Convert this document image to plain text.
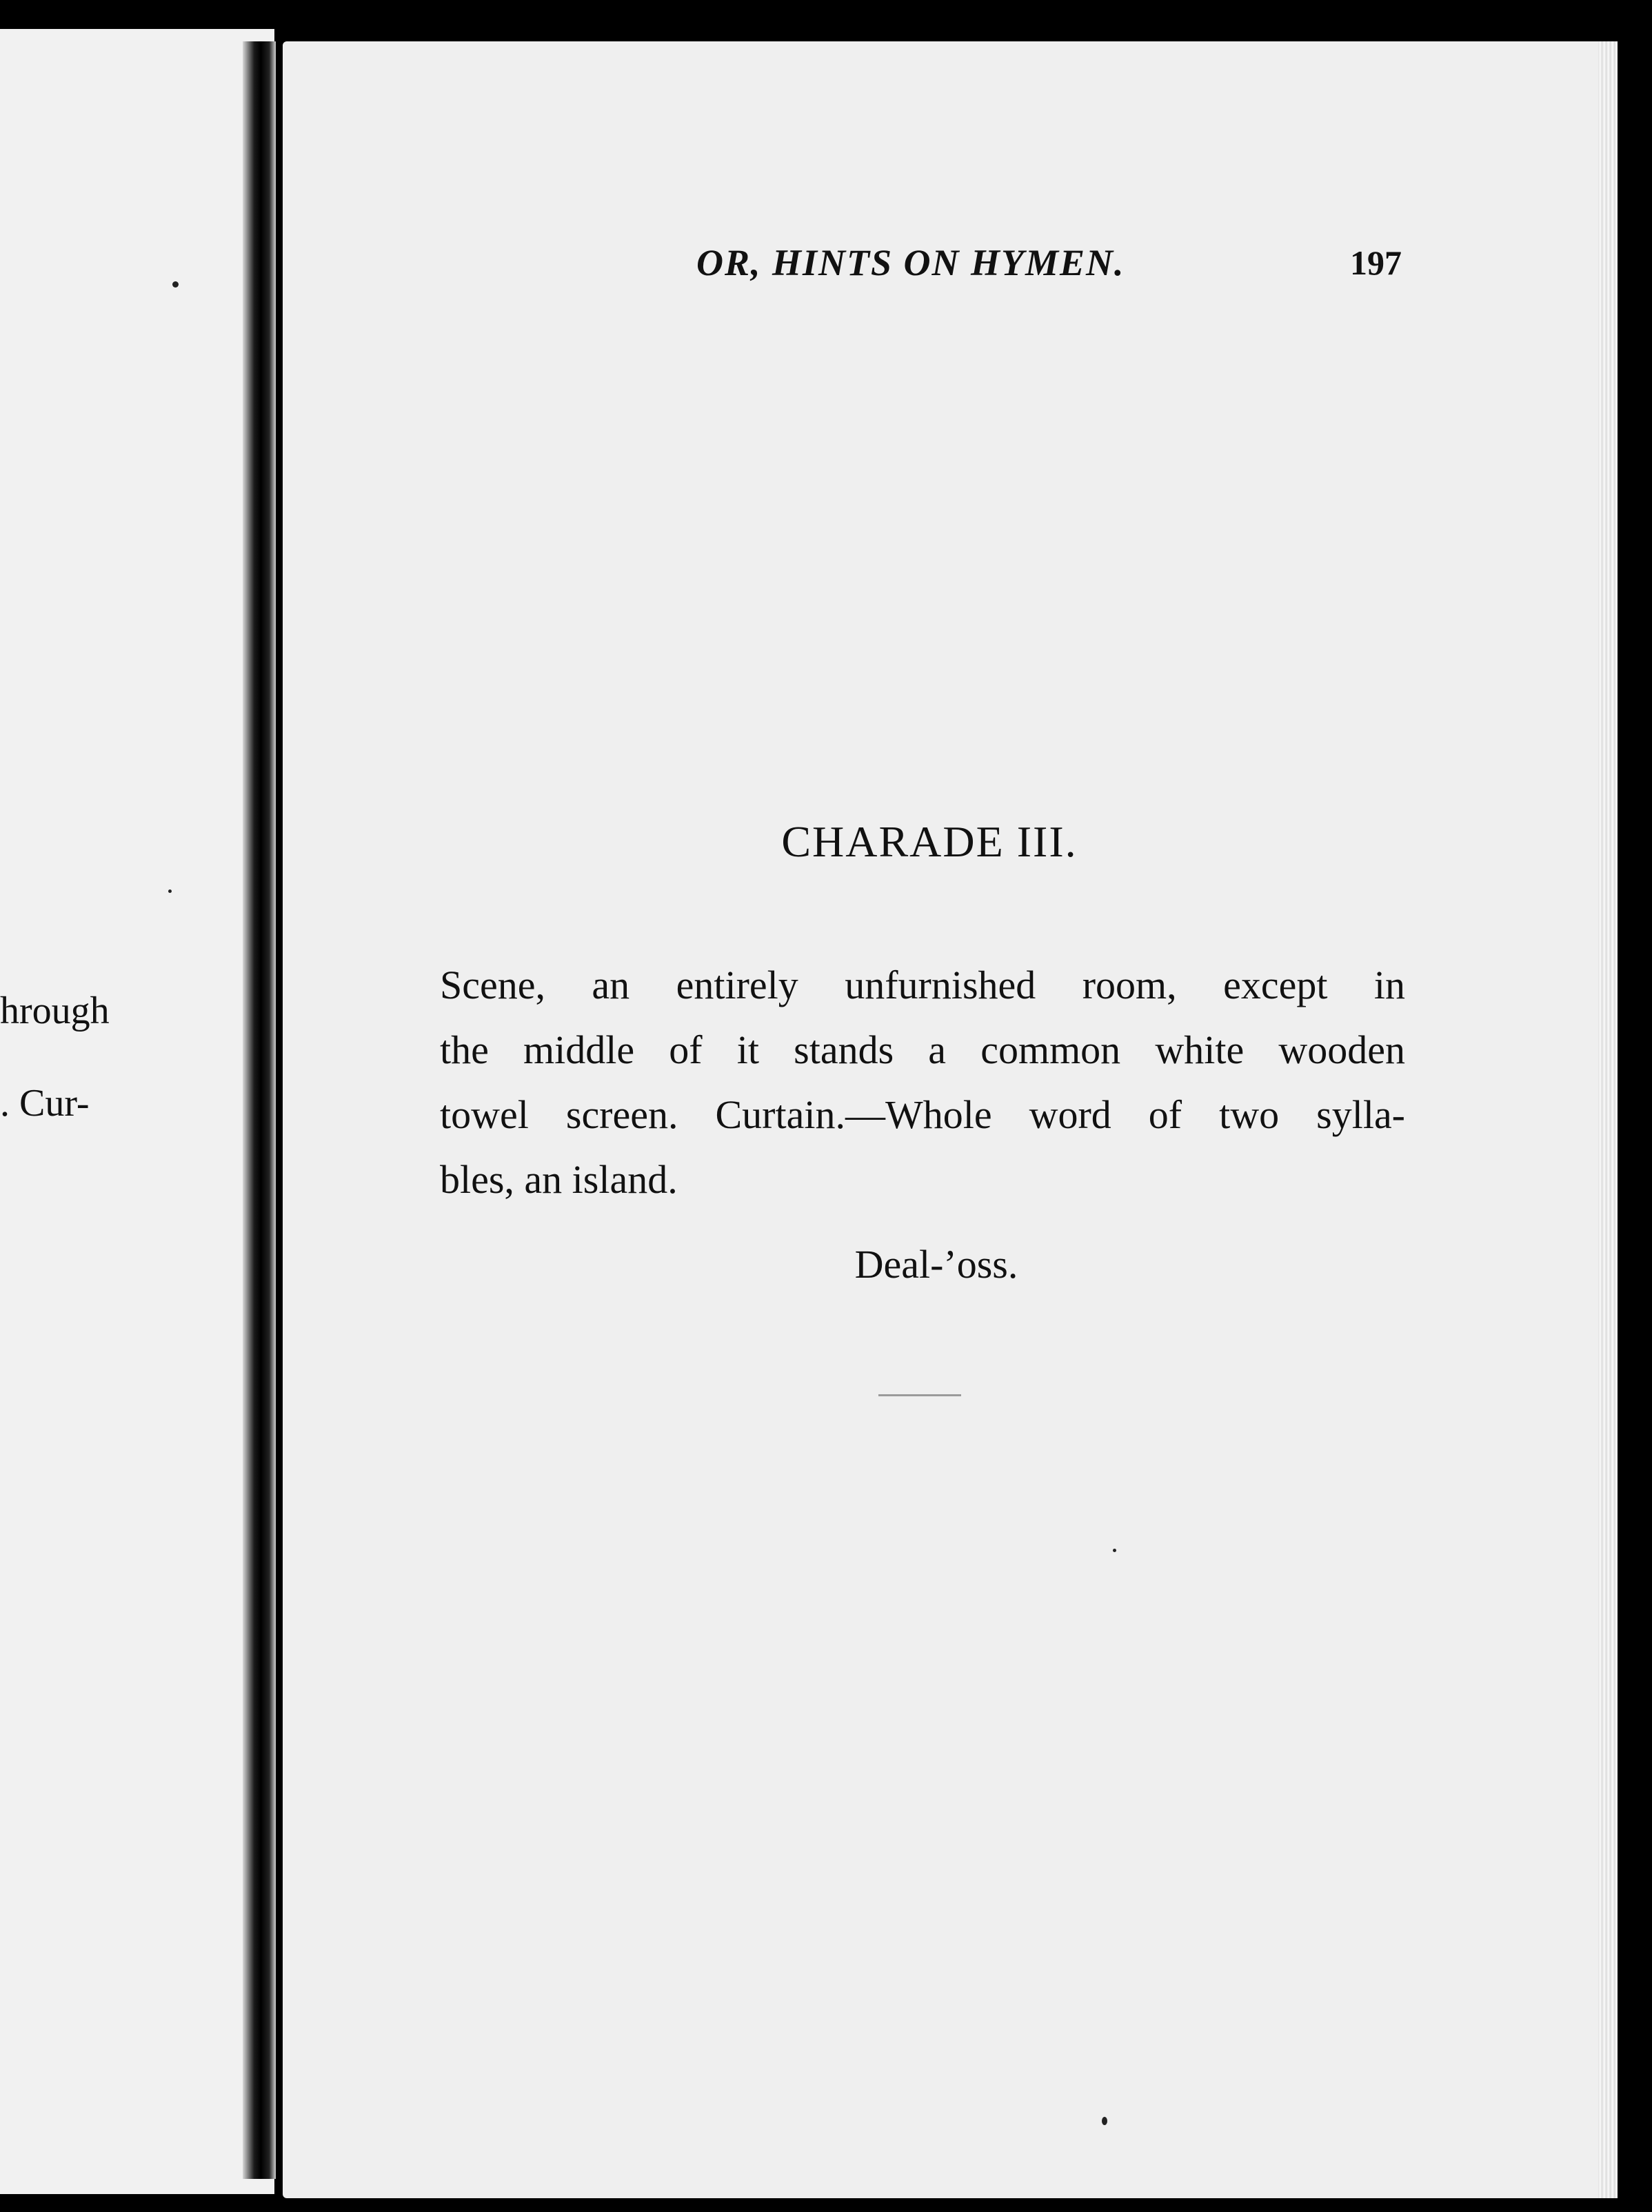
hrough
. Cur-
OR, HINTS ON HYMEN.	197
CHARADE III.
Scene, an entirely unfurnished room, except in
the middle of it stands a common white wooden
towel screen. Curtain.—Whole word of two sylla-
bles, an island.
Deal-’oss.
